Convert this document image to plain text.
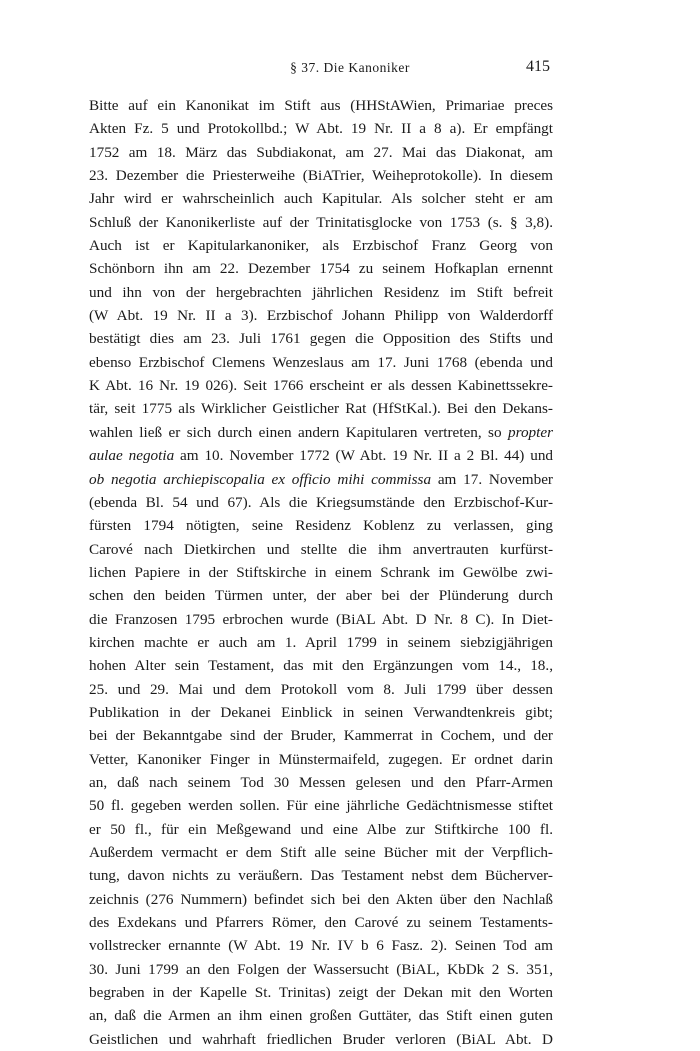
§ 37. Die Kanoniker	415
Bitte auf ein Kanonikat im Stift aus (HHStAWien, Primariae preces
Akten Fz. 5 und Protokollbd.; W Abt. 19 Nr. II a 8 a). Er empfängt
1752 am 18. März das Subdiakonat, am 27. Mai das Diakonat, am
23. Dezember die Priesterweihe (BiATrier, Weiheprotokolle). In diesem
Jahr wird er wahrscheinlich auch Kapitular. Als solcher steht er am
Schluß der Kanonikerliste auf der Trinitatisglocke von 1753 (s. § 3,8).
Auch ist er Kapitularkanoniker, als Erzbischof Franz Georg von
Schönborn ihn am 22. Dezember 1754 zu seinem Hofkaplan ernennt
und ihn von der hergebrachten jährlichen Residenz im Stift befreit
(W Abt. 19 Nr. II a 3). Erzbischof Johann Philipp von Walderdorff
bestätigt dies am 23. Juli 1761 gegen die Opposition des Stifts und
ebenso Erzbischof Clemens Wenzeslaus am 17. Juni 1768 (ebenda und
K Abt. 16 Nr. 19 026). Seit 1766 erscheint er als dessen Kabinettssekre-
tär, seit 1775 als Wirklicher Geistlicher Rat (HfStKal.). Bei den Dekans-
wahlen ließ er sich durch einen andern Kapitularen vertreten, so propter
aulae negotia am 10. November 1772 (W Abt. 19 Nr. II a 2 Bl. 44) und
ob negotia archiepiscopalia ex officio mihi commissa am 17. November
(ebenda Bl. 54 und 67). Als die Kriegsumstände den Erzbischof-Kur-
fürsten 1794 nötigten, seine Residenz Koblenz zu verlassen, ging
Carové nach Dietkirchen und stellte die ihm anvertrauten kurfürst-
lichen Papiere in der Stiftskirche in einem Schrank im Gewölbe zwi-
schen den beiden Türmen unter, der aber bei der Plünderung durch
die Franzosen 1795 erbrochen wurde (BiAL Abt. D Nr. 8 C). In Diet-
kirchen machte er auch am 1. April 1799 in seinem siebzigjährigen
hohen Alter sein Testament, das mit den Ergänzungen vom 14., 18.,
25. und 29. Mai und dem Protokoll vom 8. Juli 1799 über dessen
Publikation in der Dekanei Einblick in seinen Verwandtenkreis gibt;
bei der Bekanntgabe sind der Bruder, Kammerrat in Cochem, und der
Vetter, Kanoniker Finger in Münstermaifeld, zugegen. Er ordnet darin
an, daß nach seinem Tod 30 Messen gelesen und den Pfarr-Armen
50 fl. gegeben werden sollen. Für eine jährliche Gedächtnismesse stiftet
er 50 fl., für ein Meßgewand und eine Albe zur Stiftkirche 100 fl.
Außerdem vermacht er dem Stift alle seine Bücher mit der Verpflich-
tung, davon nichts zu veräußern. Das Testament nebst dem Bücherver-
zeichnis (276 Nummern) befindet sich bei den Akten über den Nachlaß
des Exdekans und Pfarrers Römer, den Carové zu seinem Testaments-
vollstrecker ernannte (W Abt. 19 Nr. IV b 6 Fasz. 2). Seinen Tod am
30. Juni 1799 an den Folgen der Wassersucht (BiAL, KbDk 2 S. 351,
begraben in der Kapelle St. Trinitas) zeigt der Dekan mit den Worten
an, daß die Armen an ihm einen großen Guttäter, das Stift einen guten
Geistlichen und wahrhaft friedlichen Bruder verloren (BiAL Abt. D
